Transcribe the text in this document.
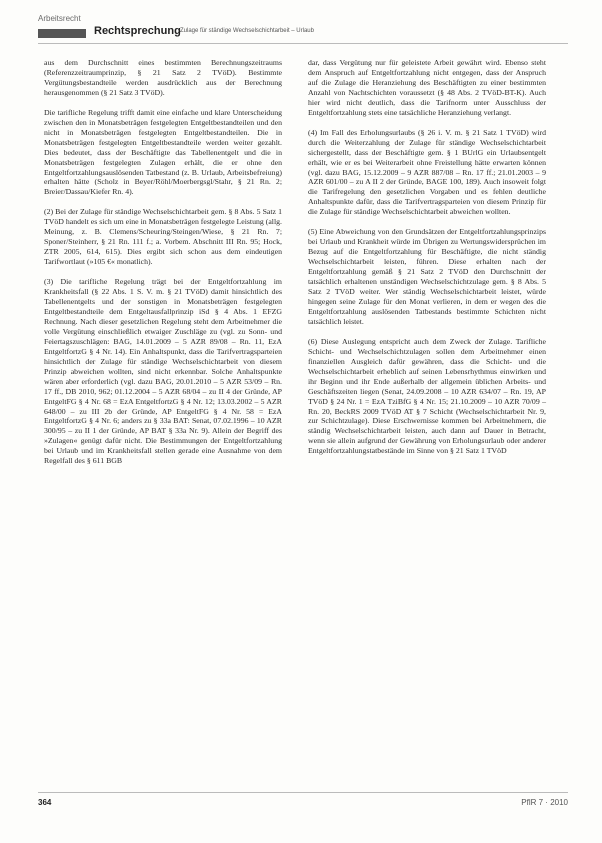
Arbeitsrecht
Rechtsprechung Zulage für ständige Wechselschichtarbeit – Urlaub

aus dem Durchschnitt eines bestimmten Berechnungszeitraums (Referenzzeitraumprinzip, § 21 Satz 2 TVöD). Bestimmte Vergütungsbestandteile werden ausdrücklich aus der Berechnung herausgenommen (§ 21 Satz 3 TVöD).

Die tarifliche Regelung trifft damit eine einfache und klare Unterscheidung zwischen den in Monatsbeträgen festgelegten Entgeltbestandteilen und den nicht in Monatsbeträgen festgelegten Entgeltbestandteilen. Die in Monatsbeträgen festgelegten Entgeltbestandteile werden weiter gezahlt. Dies bedeutet, dass der Beschäftigte das Tabellenentgelt und die in Monatsbeträgen festgelegten Zulagen erhält, die er ohne den Entgeltfortzahlungsauslösenden Tatbestand (z. B. Urlaub, Arbeitsbefreiung) erhalten hätte (Scholz in Beyer/Röhl/Moerbergsgl/Stahr, § 21 Rn. 2; Breier/Dassau/Kiefer Rn. 4).

(2) Bei der Zulage für ständige Wechselschichtarbeit gem. § 8 Abs. 5 Satz 1 TVöD handelt es sich um eine in Monatsbeträgen festgelegte Leistung (allg. Meinung, z. B. Clemens/Scheuring/Steingen/Wiese, § 21 Rn. 7; Sponer/Steinherr, § 21 Rn. 111 f.; a. Vorbem. Abschnitt III Rn. 95; Hock, ZTR 2005, 614, 615). Dies ergibt sich schon aus dem eindeutigen Tarifwortlaut (»105 €« monatlich).

(3) Die tarifliche Regelung trägt bei der Entgeltfortzahlung im Krankheitsfall (§ 22 Abs. 1 S. V. m. § 21 TVöD) damit hinsichtlich des Tabellenentgelts und der sonstigen in Monatsbeträgen festgelegten Entgeltbestandteile dem Entgeltausfallprinzip iSd § 4 Abs. 1 EFZG Rechnung. Nach dieser gesetzlichen Regelung steht dem Arbeitnehmer die volle Vergütung einschließlich etwaiger Zuschläge zu (vgl. zu Sonn- und Feiertagszuschlägen: BAG, 14.01.2009 – 5 AZR 89/08 – Rn. 11, EzA EntgeltfortzG § 4 Nr. 14). Ein Anhaltspunkt, dass die Tarifvertragsparteien hinsichtlich der Zulage für ständige Wechselschichtarbeit von diesem Prinzip abweichen wollten, sind nicht erkennbar. Solche Anhaltspunkte wären aber erforderlich (vgl. dazu BAG, 20.01.2010 – 5 AZR 53/09 – Rn. 17 ff., DB 2010, 962; 01.12.2004 – 5 AZR 68/04 – zu II 4 der Gründe, AP EntgeltFG § 4 Nr. 68 = EzA EntgeltfortzG § 4 Nr. 12; 13.03.2002 – 5 AZR 648/00 – zu III 2b der Gründe, AP EntgeltFG § 4 Nr. 58 = EzA EntgeltfortzG § 4 Nr. 6; anders zu § 33a BAT: Senat, 07.02.1996 – 10 AZR 300/95 – zu II 1 der Gründe, AP BAT § 33a Nr. 9). Allein der Begriff des »Zulagen« genügt dafür nicht. Die Bestimmungen der Entgeltfortzahlung bei Urlaub und im Krankheitsfall stellen gerade eine Ausnahme von dem Regelfall des § 611 BGB

dar, dass Vergütung nur für geleistete Arbeit gewährt wird. Ebenso steht dem Anspruch auf Entgeltfortzahlung nicht entgegen, dass der Anspruch auf die Zulage die Heranziehung des Beschäftigten zu einer bestimmten Anzahl von Nachtschichten voraussetzt (§ 48 Abs. 2 TVöD-BT-K). Auch hier wird nicht deutlich, dass die Tarifnorm unter Ausschluss der Entgeltfortzahlung stets eine tatsächliche Heranziehung verlangt.

(4) Im Fall des Erholungsurlaubs (§ 26 i. V. m. § 21 Satz 1 TVöD) wird durch die Weiterzahlung der Zulage für ständige Wechselschichtarbeit sichergestellt, dass der Beschäftigte gem. § 1 BUrlG ein Urlaubsentgelt erhält, wie er es bei Weiterarbeit ohne Freistellung hätte erwarten können (vgl. dazu BAG, 15.12.2009 – 9 AZR 887/08 – Rn. 17 ff.; 21.01.2003 – 9 AZR 601/00 – zu A II 2 der Gründe, BAGE 100, 189). Auch insoweit folgt die Tarifregelung den gesetzlichen Vorgaben und es fehlen deutliche Anhaltspunkte dafür, dass die Tarifvertragsparteien von diesem Prinzip für die Zulage für ständige Wechselschichtarbeit abweichen wollten.

(5) Eine Abweichung von den Grundsätzen der Entgeltfortzahlungsprinzips bei Urlaub und Krankheit würde im Übrigen zu Wertungswidersprüchen im Bezug auf die Entgeltfortzahlung für Beschäftigte, die nicht ständig Wechselschichtarbeit leisten, führen. Diese erhalten nach der Entgeltfortzahlung gemäß § 21 Satz 2 TVöD den Durchschnitt der tatsächlich erhaltenen unständigen Wechselschichtzulage gem. § 8 Abs. 5 Satz 2 TVöD weiter. Wer ständig Wechselschichtarbeit leistet, würde hingegen seine Zulage für den Monat verlieren, in dem er wegen des die Entgeltfortzahlung auslösenden Tatbestands bestimmte Schichten nicht tatsächlich leistet.

(6) Diese Auslegung entspricht auch dem Zweck der Zulage. Tarifliche Schicht- und Wechselschichtzulagen sollen dem Arbeitnehmer einen finanziellen Ausgleich dafür gewähren, dass die Schicht- und die Wechselschichtarbeit erheblich auf seinen Lebensrhythmus einwirken und ihr Beginn und ihr Ende außerhalb der allgemein üblichen Arbeits- und Geschäftszeiten liegen (Senat, 24.09.2008 – 10 AZR 634/07 – Rn. 19, AP TVöD § 24 Nr. 1 = EzA TziBfG § 4 Nr. 15; 21.10.2009 – 10 AZR 70/09 – Rn. 20, BeckRS 2009 TVöD AT § 7 Schicht (Wechselschichtarbeit Nr. 9, zur Schichtzulage). Diese Erschwernisse kommen bei Arbeitnehmern, die ständig Wechselschichtarbeit leisten, auch dann auf Dauer in Betracht, wenn sie allein aufgrund der Gewährung von Erholungsurlaub oder anderer Entgeltfortzahlungstatbestände im Sinne von § 21 Satz 1 TVöD

364	PflR 7 · 2010
